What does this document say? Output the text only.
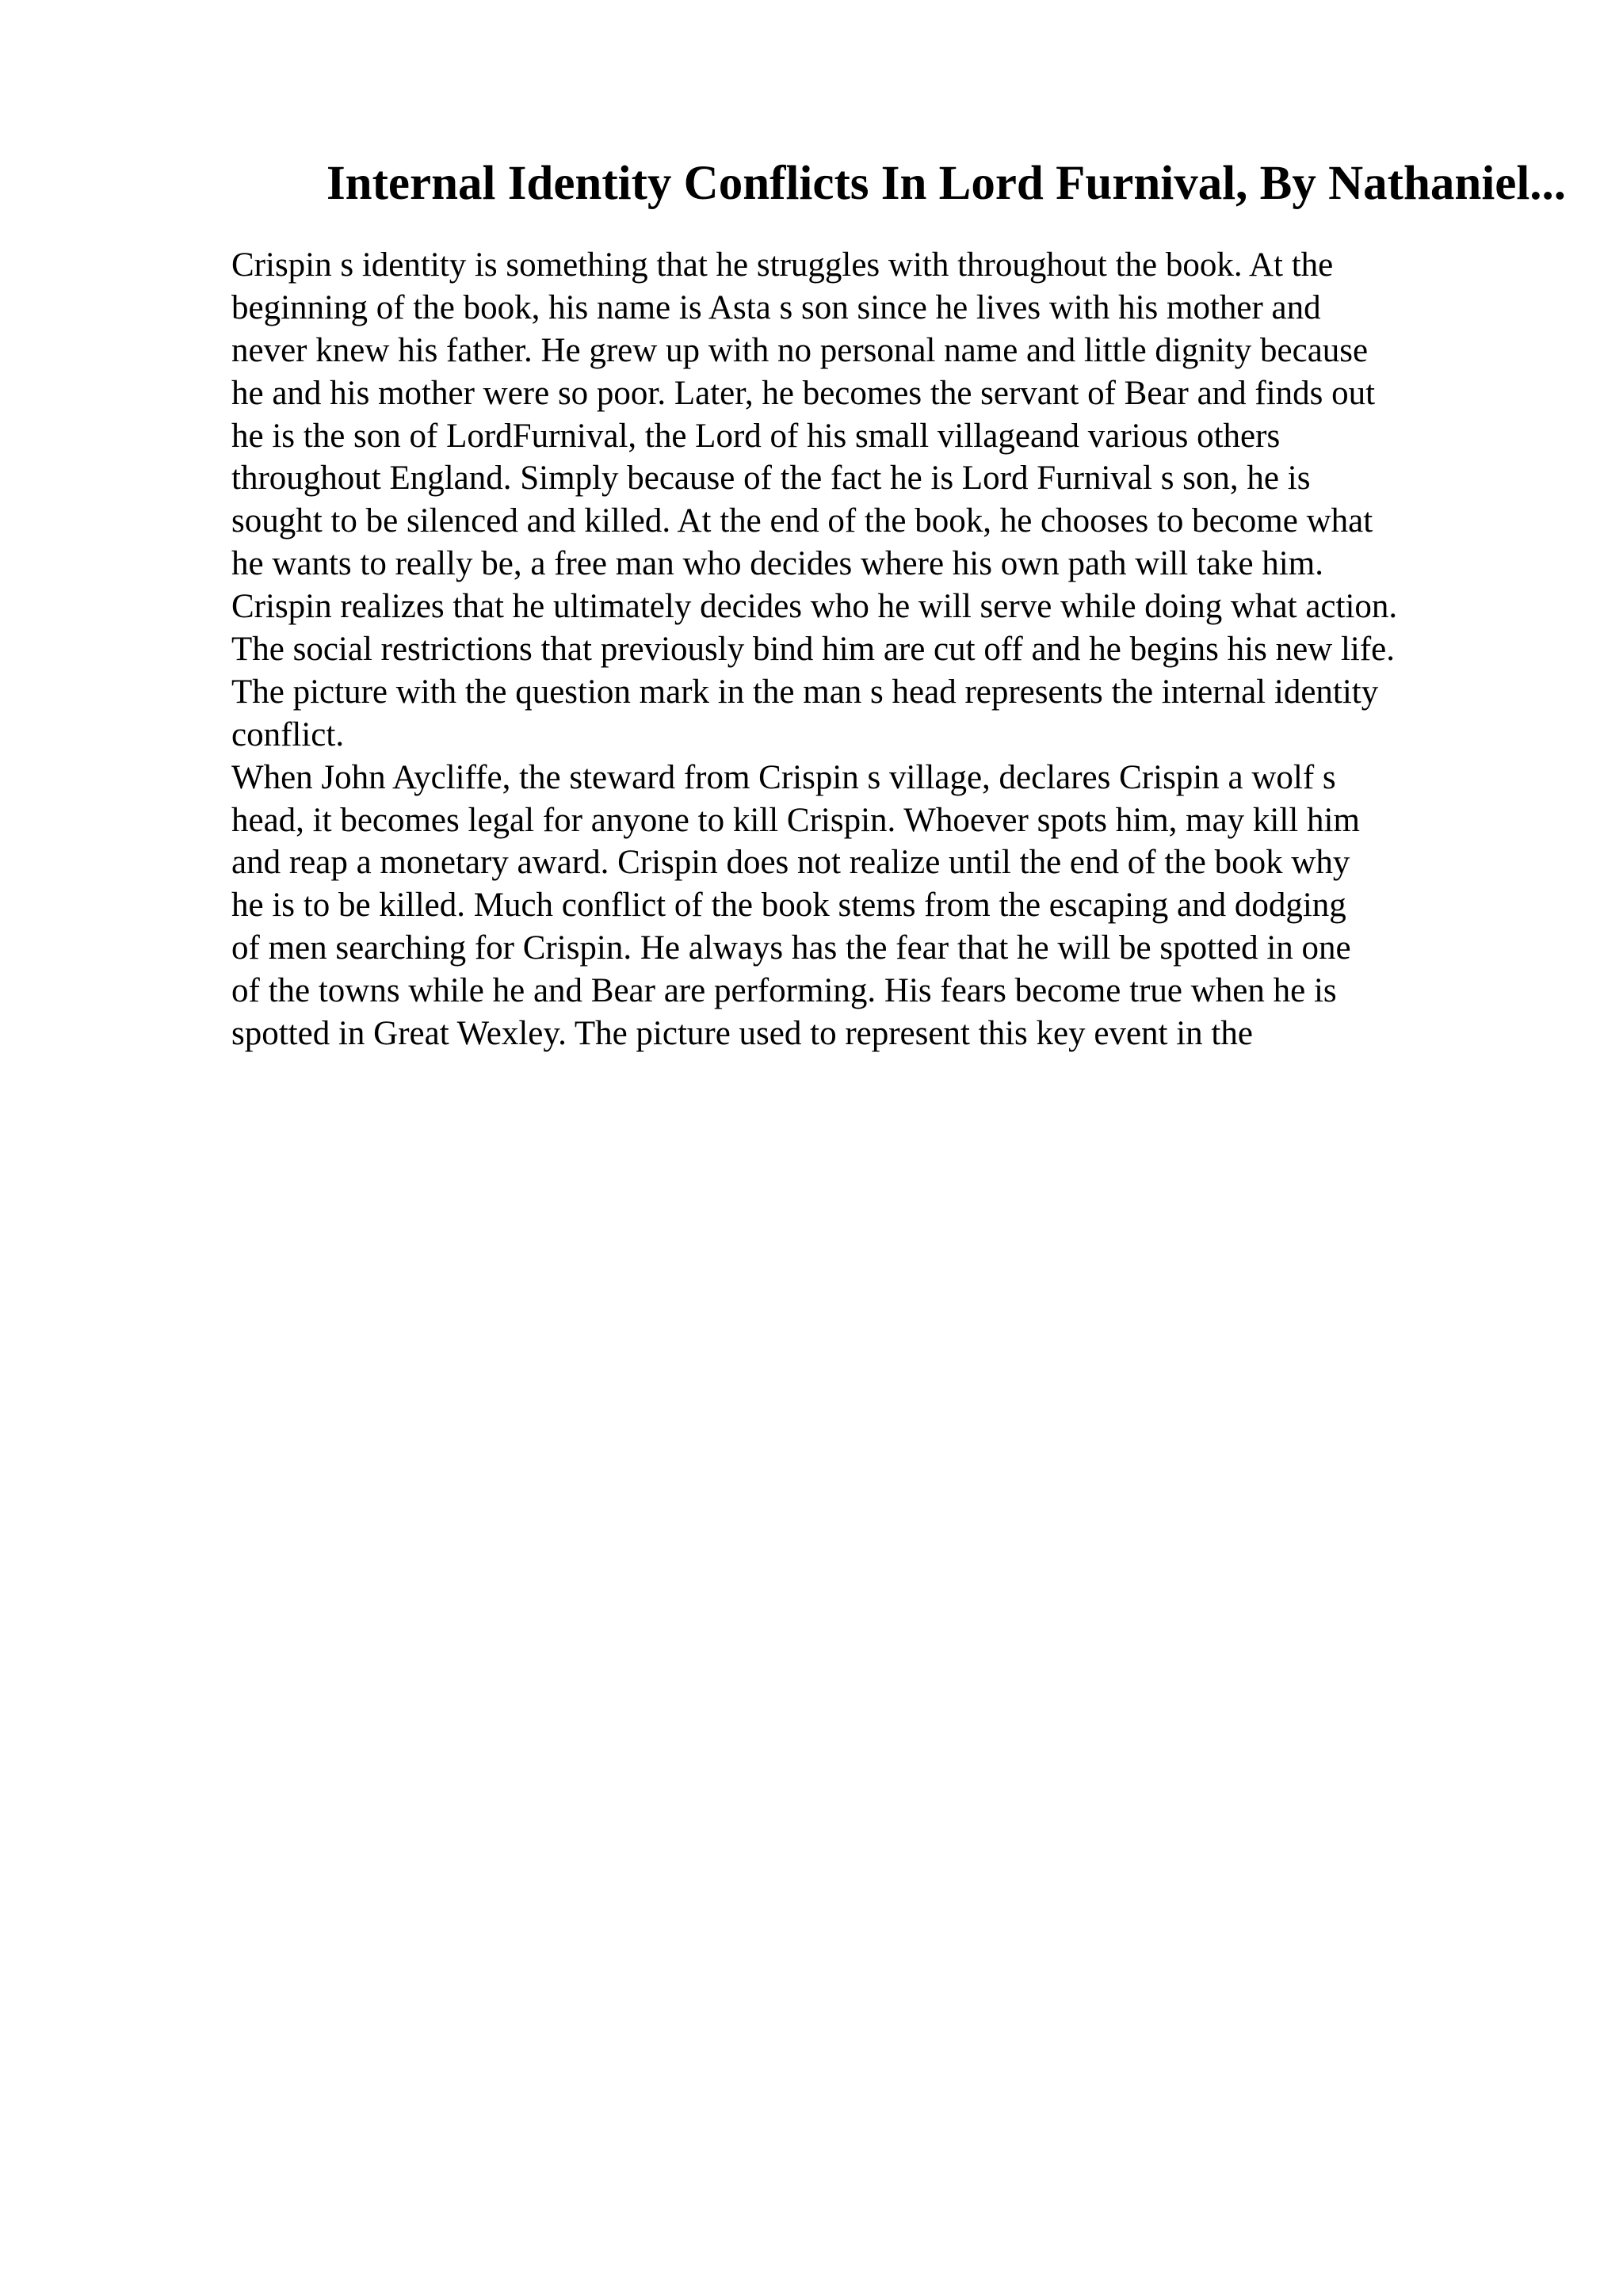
Internal Identity Conflicts In Lord Furnival, By Nathaniel...
Crispin s identity is something that he struggles with throughout the book. At the
beginning of the book, his name is Asta s son since he lives with his mother and
never knew his father. He grew up with no personal name and little dignity because
he and his mother were so poor. Later, he becomes the servant of Bear and finds out
he is the son of LordFurnival, the Lord of his small villageand various others
throughout England. Simply because of the fact he is Lord Furnival s son, he is
sought to be silenced and killed. At the end of the book, he chooses to become what
he wants to really be, a free man who decides where his own path will take him.
Crispin realizes that he ultimately decides who he will serve while doing what action.
The social restrictions that previously bind him are cut off and he begins his new life.
The picture with the question mark in the man s head represents the internal identity
conflict.
When John Aycliffe, the steward from Crispin s village, declares Crispin a wolf s
head, it becomes legal for anyone to kill Crispin. Whoever spots him, may kill him
and reap a monetary award. Crispin does not realize until the end of the book why
he is to be killed. Much conflict of the book stems from the escaping and dodging
of men searching for Crispin. He always has the fear that he will be spotted in one
of the towns while he and Bear are performing. His fears become true when he is
spotted in Great Wexley. The picture used to represent this key event in the
